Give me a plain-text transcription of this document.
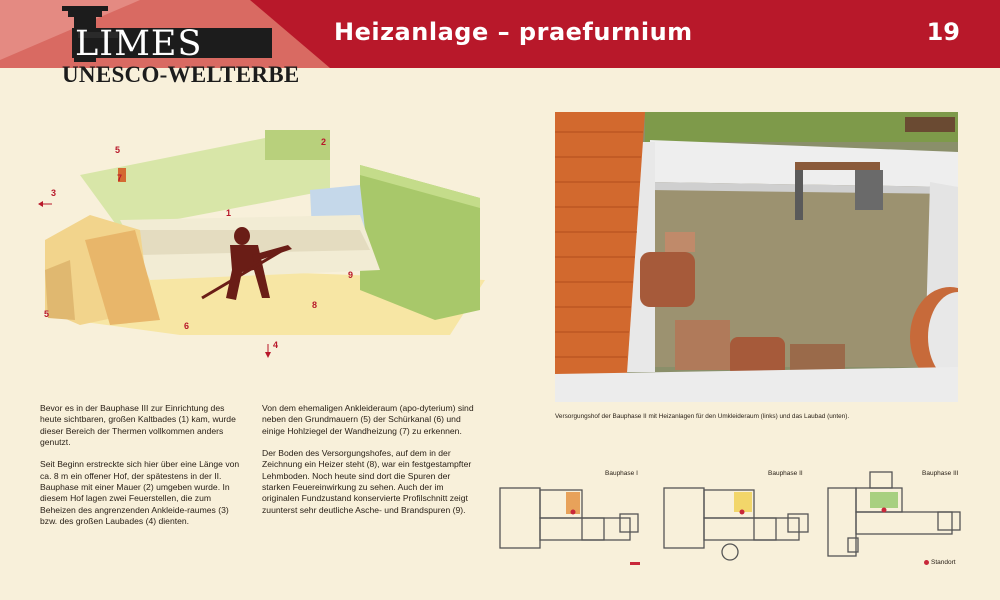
Heizanlage – praefurnium	19
LIMES
UNESCO-WELTERBE
1
2
3
4
5
5
6
7
8
9

Bevor es in der Bauphase III zur Einrichtung des heute sichtbaren, großen Kaltbades (1) kam, wurde dieser Bereich der Thermen vollkommen anders genutzt.

Seit Beginn erstreckte sich hier über eine Länge von ca. 8 m ein offener Hof, der spätestens in der II. Bauphase mit einer Mauer (2) umgeben wurde. In diesem Hof lagen zwei Feuerstellen, die zum Beheizen des angrenzenden Ankleide-raumes (3) bzw. des großen Laubades (4) dienten.

Von dem ehemaligen Ankleideraum (apo-dyterium) sind neben den Grundmauern (5) der Schürkanal (6) und einige Hohlziegel der Wandheizung (7) zu erkennen.

Der Boden des Versorgungshofes, auf dem in der Zeichnung ein Heizer steht (8), war ein festgestampfter Lehmboden. Noch heute sind dort die Spuren der starken Feuereinwirkung zu sehen. Auch der im originalen Fundzustand konservierte Profilschnitt zeigt zuunterst sehr deutliche Asche- und Brandspuren (9).

Versorgungshof der Bauphase II mit Heizanlagen für den Umkleideraum (links) und das Laubad (unten).
Bauphase I	Bauphase II	Bauphase III
Standort
